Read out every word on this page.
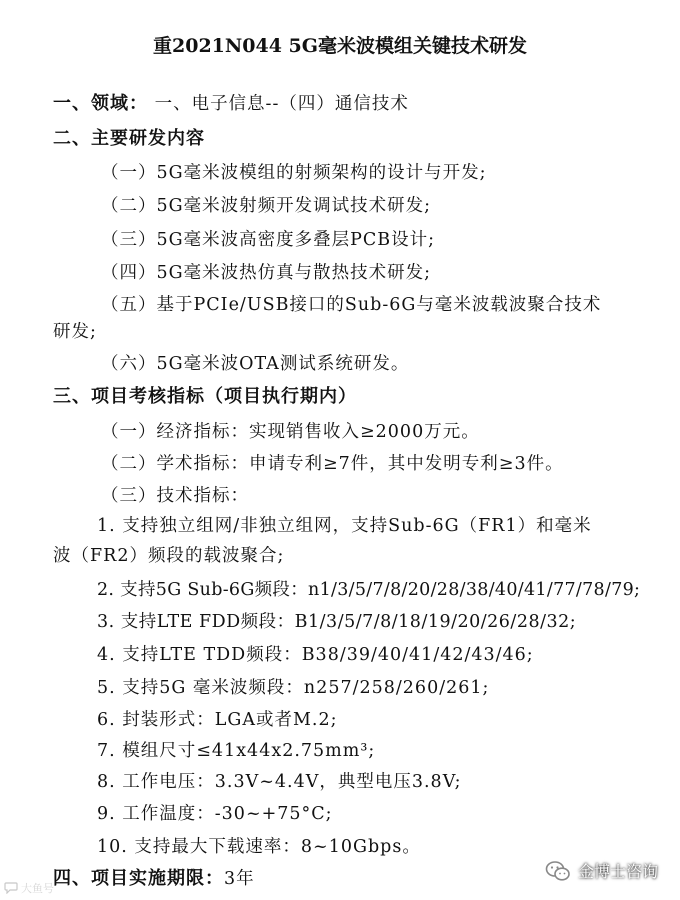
重2021N044 5G毫米波模组关键技术研发
一、领域： 一、电子信息--（四）通信技术
二、主要研发内容
（一）5G毫米波模组的射频架构的设计与开发;
（二）5G毫米波射频开发调试技术研发;
（三）5G毫米波高密度多叠层PCB设计;
（四）5G毫米波热仿真与散热技术研发;
（五）基于PCIe/USB接口的Sub-6G与毫米波载波聚合技术
研发;
（六）5G毫米波OTA测试系统研发。
三、项目考核指标（项目执行期内）
（一）经济指标：实现销售收入≥2000万元。
（二）学术指标：申请专利≥7件，其中发明专利≥3件。
（三）技术指标：
1. 支持独立组网/非独立组网，支持Sub-6G（FR1）和毫米
波（FR2）频段的载波聚合;
2. 支持5G Sub-6G频段：n1/3/5/7/8/20/28/38/40/41/77/78/79;
3. 支持LTE FDD频段：B1/3/5/7/8/18/19/20/26/28/32;
4. 支持LTE TDD频段：B38/39/40/41/42/43/46;
5. 支持5G 毫米波频段：n257/258/260/261;
6. 封装形式：LGA或者M.2;
7. 模组尺寸≤41x44x2.75mm³;
8. 工作电压：3.3V~4.4V，典型电压3.8V;
9. 工作温度：-30~+75°C;
10. 支持最大下载速率：8~10Gbps。
四、项目实施期限：3年
大鱼号
金博士咨询
